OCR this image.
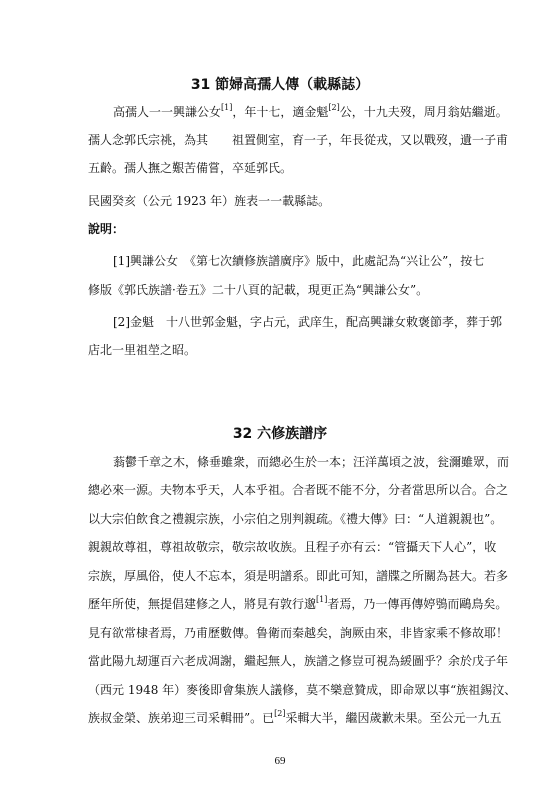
31 節婦高孺人傳（載縣誌）
高孺人一一興謙公女[1]，年十七，適金魁[2]公，十九夫歿，周月翁姑繼逝。
孺人念郭氏宗祧，為其　　祖置側室，育一子，年長從戎，又以戰歿，遺一子甫
五齡。孺人撫之艱苦備嘗，卒延郭氏。
民國癸亥（公元 1923 年）旌表一一載縣誌。
說明：
[1]興謙公女　《第七次續修族譜廣序》版中，此處記為“兴让公”，按七
修版《郭氏族譜·卷五》二十八頁的記載，現更正為“興謙公女”。
[2]金魁　十八世郭金魁，字占元，武庠生，配高興謙女敕褒節孝，葬于郭
店北一里祖塋之昭。
32 六修族譜序
蓊鬱千章之木，條垂雖衆，而總必生於一本；汪洋萬頃之波，瓮濔雖眾，而
總必來一源。夫物本乎天，人本乎祖。合者既不能不分，分者當思所以合。合之
以大宗伯飲食之禮親宗族，小宗伯之別判親疏。《禮大傳》曰：“人道親親也”。
親親故尊祖，尊祖故敬宗，敬宗故收族。且程子亦有云：“管攝天下人心”，收
宗族，厚風俗，使人不忘本，須是明譜系。即此可知，譜牒之所關為甚大。若多
歷年所使，無提倡建修之人，將見有敦行邈[1]者焉，乃一傳再傳婷鴞而鷗鳥矣。
見有欲常棣者焉，乃甫歷數傳。鲁衛而秦越矣，詢厥由來，非皆家乘不修故耶！
當此陽九刼運百六老成凋謝，繼起無人，族譜之修豈可視為緩圖乎？余於戊子年
（西元 1948 年）麥後即會集族人議修，莫不樂意贊成，即命眾以事“族祖錫汶、
族叔金榮、族弟迎三司采輯冊”。已[2]采輯大半，繼因歲歉未果。至公元一九五
69
